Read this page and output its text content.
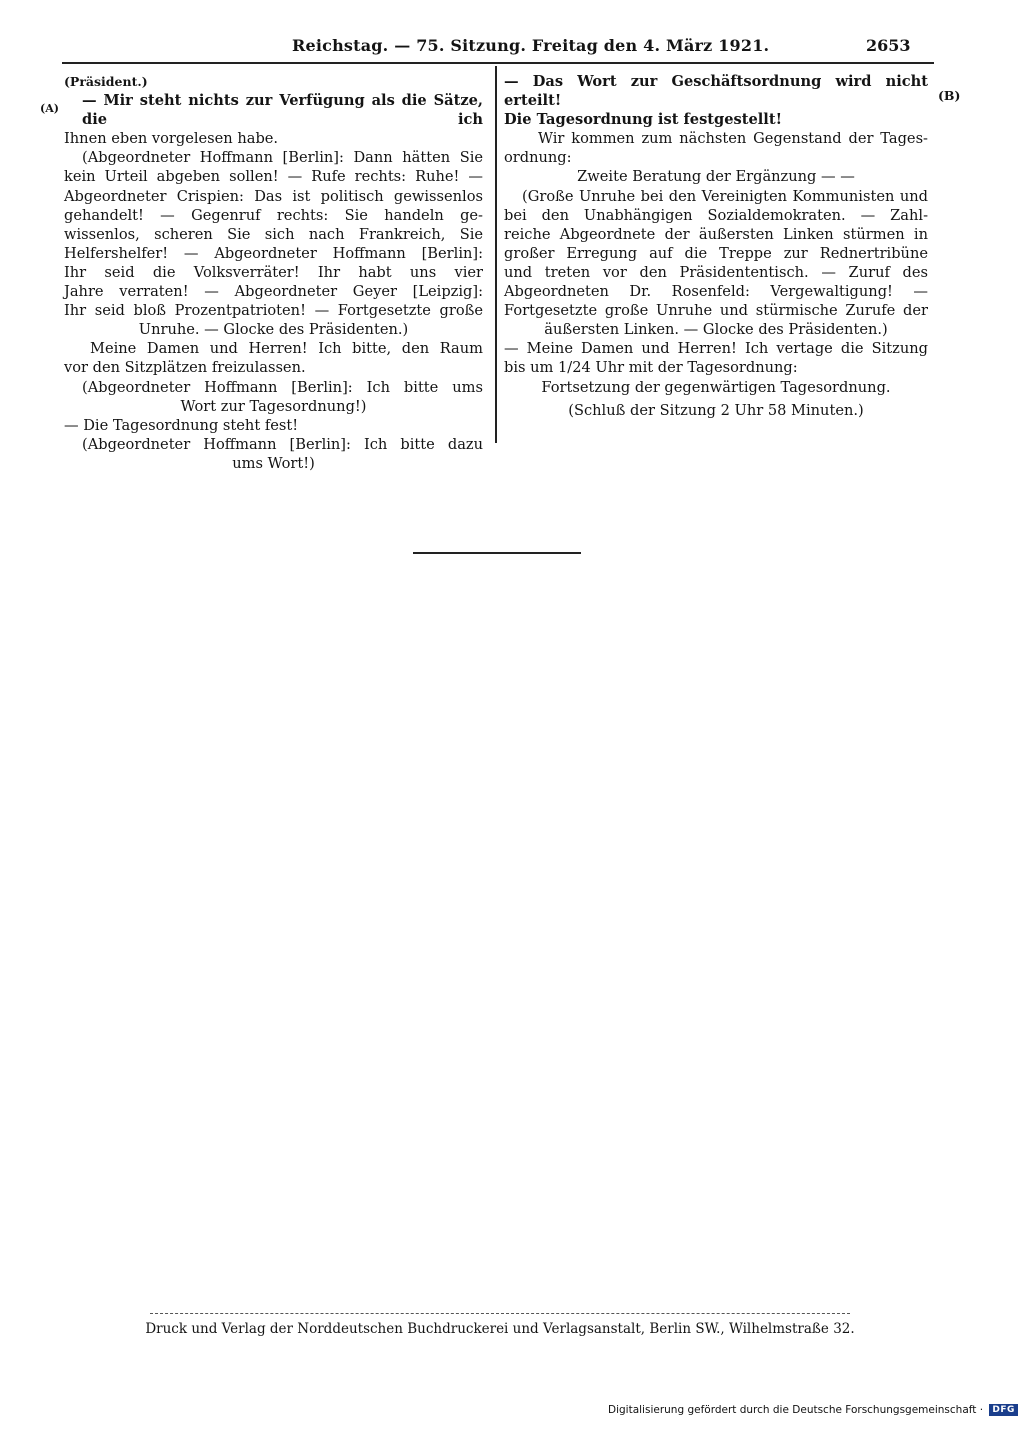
Reichstag. — 75. Sitzung. Freitag den 4. März 1921.	2653
(A)
(B)
(Präsident.)
— Mir steht nichts zur Verfügung als die Sätze, die ich
Ihnen eben vorgelesen habe.
(Abgeordneter Hoffmann [Berlin]: Dann hätten Sie
kein Urteil abgeben sollen! — Rufe rechts: Ruhe! —
Abgeordneter Crispien: Das ist politisch gewissenlos
gehandelt! — Gegenruf rechts: Sie handeln ge-
wissenlos, scheren Sie sich nach Frankreich, Sie
Helfershelfer! — Abgeordneter Hoffmann [Berlin]:
Ihr seid die Volksverräter! Ihr habt uns vier
Jahre verraten! — Abgeordneter Geyer [Leipzig]:
Ihr seid bloß Prozentpatrioten! — Fortgesetzte große
Unruhe. — Glocke des Präsidenten.)
Meine Damen und Herren! Ich bitte, den Raum
vor den Sitzplätzen freizulassen.
(Abgeordneter Hoffmann [Berlin]: Ich bitte ums
Wort zur Tagesordnung!)
— Die Tagesordnung steht fest!
(Abgeordneter Hoffmann [Berlin]: Ich bitte dazu
ums Wort!)
— Das Wort zur Geschäftsordnung wird nicht erteilt!
Die Tagesordnung ist festgestellt!
Wir kommen zum nächsten Gegenstand der Tages-
ordnung:
Zweite Beratung der Ergänzung — —
(Große Unruhe bei den Vereinigten Kommunisten und
bei den Unabhängigen Sozialdemokraten. — Zahl-
reiche Abgeordnete der äußersten Linken stürmen in
großer Erregung auf die Treppe zur Rednertribüne
und treten vor den Präsidententisch. — Zuruf des
Abgeordneten Dr. Rosenfeld: Vergewaltigung! —
Fortgesetzte große Unruhe und stürmische Zurufe der
äußersten Linken. — Glocke des Präsidenten.)
— Meine Damen und Herren! Ich vertage die Sitzung
bis um 1/24 Uhr mit der Tagesordnung:
Fortsetzung der gegenwärtigen Tagesordnung.
(Schluß der Sitzung 2 Uhr 58 Minuten.)
Druck und Verlag der Norddeutschen Buchdruckerei und Verlagsanstalt, Berlin SW., Wilhelmstraße 32.
Digitalisierung gefördert durch die Deutsche Forschungsgemeinschaft · DFG
